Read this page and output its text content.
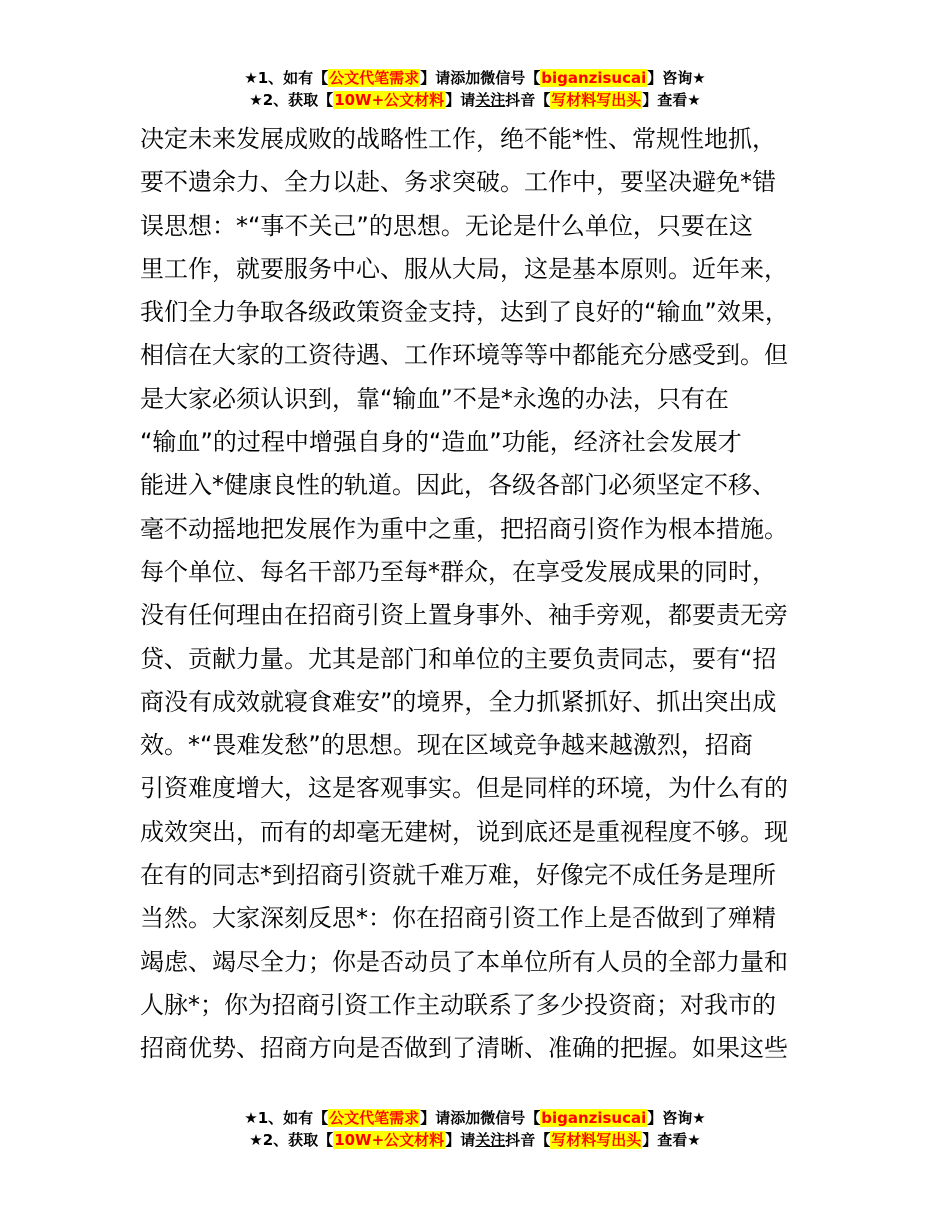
★1、如有【公文代笔需求】请添加微信号【biganzisucai】咨询★
★2、获取【10W+公文材料】请关注抖音【写材料写出头】查看★
决定未来发展成败的战略性工作，绝不能*性、常规性地抓，
要不遗余力、全力以赴、务求突破。工作中，要坚决避免*错
误思想：*“事不关己”的思想。无论是什么单位，只要在这
里工作，就要服务中心、服从大局，这是基本原则。近年来，
我们全力争取各级政策资金支持，达到了良好的“输血”效果，
相信在大家的工资待遇、工作环境等等中都能充分感受到。但
是大家必须认识到，靠“输血”不是*永逸的办法，只有在
“输血”的过程中增强自身的“造血”功能，经济社会发展才
能进入*健康良性的轨道。因此，各级各部门必须坚定不移、
毫不动摇地把发展作为重中之重，把招商引资作为根本措施。
每个单位、每名干部乃至每*群众，在享受发展成果的同时，
没有任何理由在招商引资上置身事外、袖手旁观，都要责无旁
贷、贡献力量。尤其是部门和单位的主要负责同志，要有“招
商没有成效就寝食难安”的境界，全力抓紧抓好、抓出突出成
效。*“畏难发愁”的思想。现在区域竞争越来越激烈，招商
引资难度增大，这是客观事实。但是同样的环境，为什么有的
成效突出，而有的却毫无建树，说到底还是重视程度不够。现
在有的同志*到招商引资就千难万难，好像完不成任务是理所
当然。大家深刻反思*：你在招商引资工作上是否做到了殚精
竭虑、竭尽全力；你是否动员了本单位所有人员的全部力量和
人脉*；你为招商引资工作主动联系了多少投资商；对我市的
招商优势、招商方向是否做到了清晰、准确的把握。如果这些
★1、如有【公文代笔需求】请添加微信号【biganzisucai】咨询★
★2、获取【10W+公文材料】请关注抖音【写材料写出头】查看★
